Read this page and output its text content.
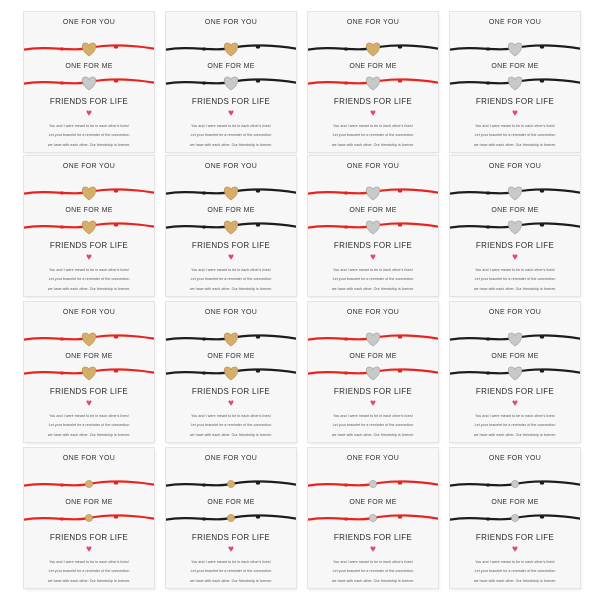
ONE FOR YOU
ONE FOR ME
FRIENDS FOR LIFE
♥
You and I were meant to be in each other's lives!
Let your bracelet be a reminder of the connection
we have with each other. Our friendship is forever.
ONE FOR YOU
ONE FOR ME
FRIENDS FOR LIFE
♥
You and I were meant to be in each other's lives!
Let your bracelet be a reminder of the connection
we have with each other. Our friendship is forever.
ONE FOR YOU
ONE FOR ME
FRIENDS FOR LIFE
♥
You and I were meant to be in each other's lives!
Let your bracelet be a reminder of the connection
we have with each other. Our friendship is forever.
ONE FOR YOU
ONE FOR ME
FRIENDS FOR LIFE
♥
You and I were meant to be in each other's lives!
Let your bracelet be a reminder of the connection
we have with each other. Our friendship is forever.
ONE FOR YOU
ONE FOR ME
FRIENDS FOR LIFE
♥
You and I were meant to be in each other's lives!
Let your bracelet be a reminder of the connection
we have with each other. Our friendship is forever.
ONE FOR YOU
ONE FOR ME
FRIENDS FOR LIFE
♥
You and I were meant to be in each other's lives!
Let your bracelet be a reminder of the connection
we have with each other. Our friendship is forever.
ONE FOR YOU
ONE FOR ME
FRIENDS FOR LIFE
♥
You and I were meant to be in each other's lives!
Let your bracelet be a reminder of the connection
we have with each other. Our friendship is forever.
ONE FOR YOU
ONE FOR ME
FRIENDS FOR LIFE
♥
You and I were meant to be in each other's lives!
Let your bracelet be a reminder of the connection
we have with each other. Our friendship is forever.
ONE FOR YOU
ONE FOR ME
FRIENDS FOR LIFE
♥
You and I were meant to be in each other's lives!
Let your bracelet be a reminder of the connection
we have with each other. Our friendship is forever.
ONE FOR YOU
ONE FOR ME
FRIENDS FOR LIFE
♥
You and I were meant to be in each other's lives!
Let your bracelet be a reminder of the connection
we have with each other. Our friendship is forever.
ONE FOR YOU
ONE FOR ME
FRIENDS FOR LIFE
♥
You and I were meant to be in each other's lives!
Let your bracelet be a reminder of the connection
we have with each other. Our friendship is forever.
ONE FOR YOU
ONE FOR ME
FRIENDS FOR LIFE
♥
You and I were meant to be in each other's lives!
Let your bracelet be a reminder of the connection
we have with each other. Our friendship is forever.
ONE FOR YOU
ONE FOR ME
FRIENDS FOR LIFE
♥
You and I were meant to be in each other's lives!
Let your bracelet be a reminder of the connection
we have with each other. Our friendship is forever.
ONE FOR YOU
ONE FOR ME
FRIENDS FOR LIFE
♥
You and I were meant to be in each other's lives!
Let your bracelet be a reminder of the connection
we have with each other. Our friendship is forever.
ONE FOR YOU
ONE FOR ME
FRIENDS FOR LIFE
♥
You and I were meant to be in each other's lives!
Let your bracelet be a reminder of the connection
we have with each other. Our friendship is forever.
ONE FOR YOU
ONE FOR ME
FRIENDS FOR LIFE
♥
You and I were meant to be in each other's lives!
Let your bracelet be a reminder of the connection
we have with each other. Our friendship is forever.
